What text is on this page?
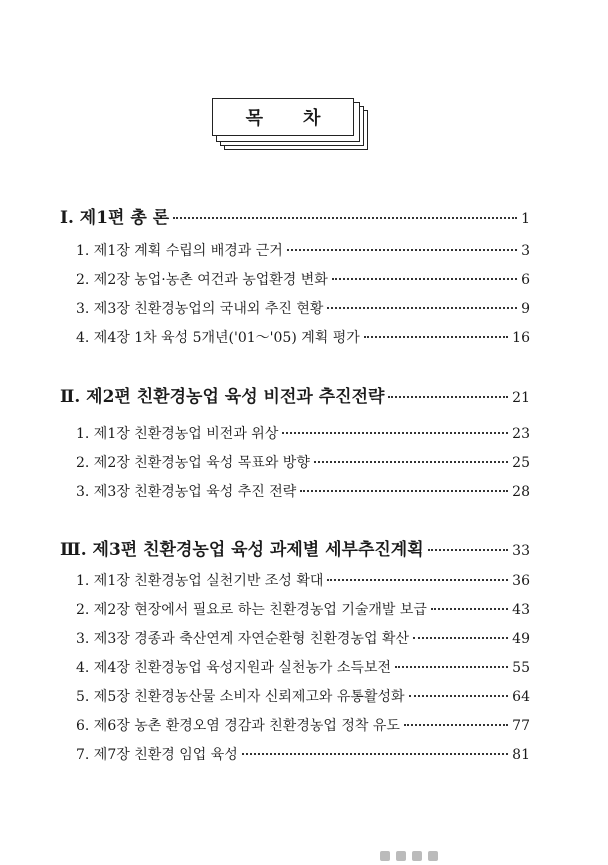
목 차
Ⅰ. 제1편 총 론	1
1. 제1장 계획 수립의 배경과 근거	3
2. 제2장 농업·농촌 여건과 농업환경 변화	6
3. 제3장 친환경농업의 국내외 추진 현황	9
4. 제4장 1차 육성 5개년('01～'05) 계획 평가	16
Ⅱ. 제2편 친환경농업 육성 비전과 추진전략	21
1. 제1장 친환경농업 비전과 위상	23
2. 제2장 친환경농업 육성 목표와 방향	25
3. 제3장 친환경농업 육성 추진 전략	28
Ⅲ. 제3편 친환경농업 육성 과제별 세부추진계획	33
1. 제1장 친환경농업 실천기반 조성 확대	36
2. 제2장 현장에서 필요로 하는 친환경농업 기술개발 보급	43
3. 제3장 경종과 축산연계 자연순환형 친환경농업 확산	49
4. 제4장 친환경농업 육성지원과 실천농가 소득보전	55
5. 제5장 친환경농산물 소비자 신뢰제고와 유통활성화	64
6. 제6장 농촌 환경오염 경감과 친환경농업 정착 유도	77
7. 제7장 친환경 임업 육성	81
